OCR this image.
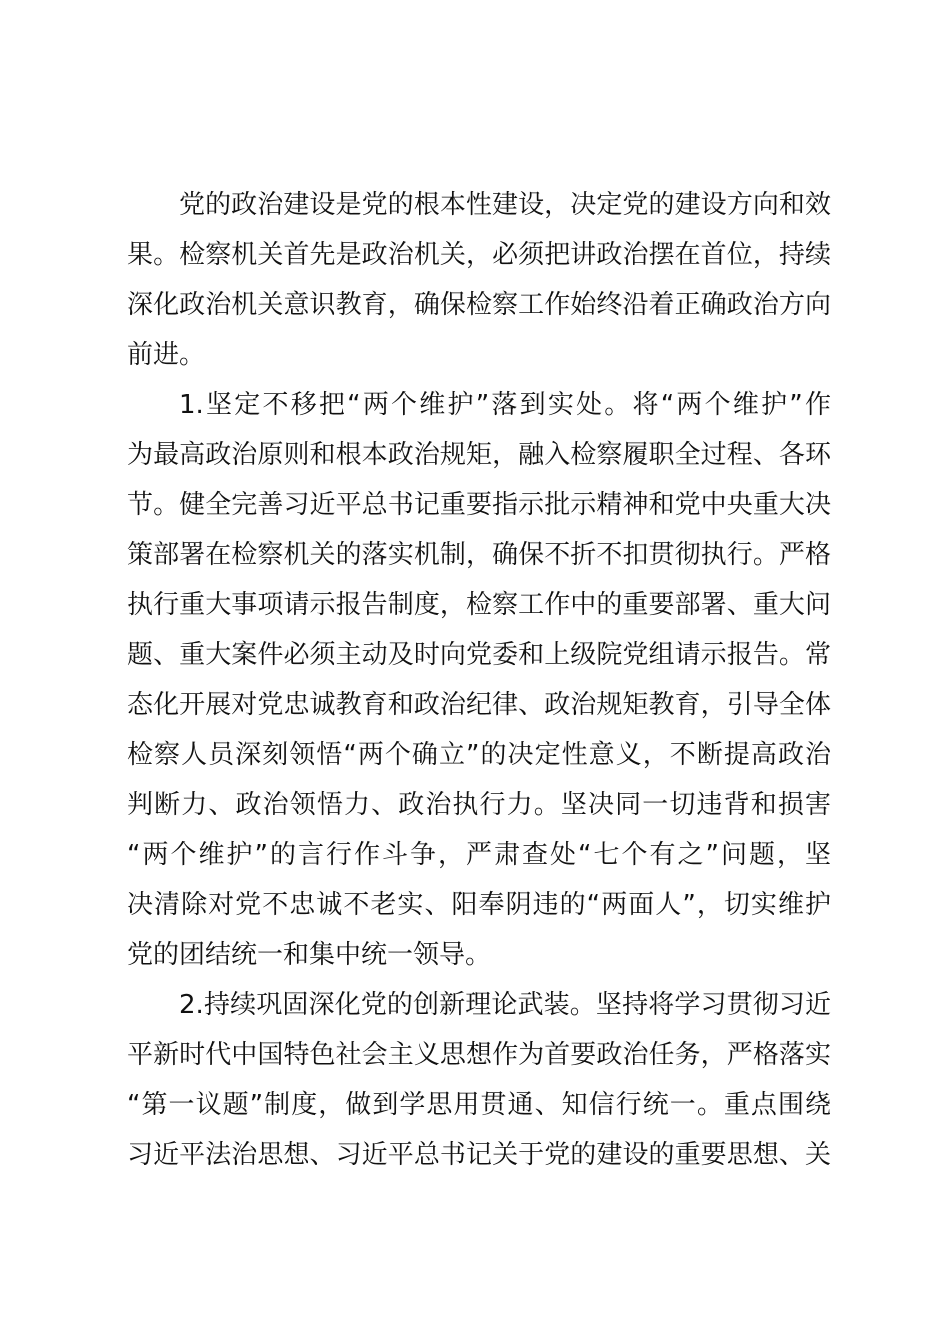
党的政治建设是党的根本性建设，决定党的建设方向和效
果。检察机关首先是政治机关，必须把讲政治摆在首位，持续
深化政治机关意识教育，确保检察工作始终沿着正确政治方向
前进。
1.坚定不移把“两个维护”落到实处。将“两个维护”作
为最高政治原则和根本政治规矩，融入检察履职全过程、各环
节。健全完善习近平总书记重要指示批示精神和党中央重大决
策部署在检察机关的落实机制，确保不折不扣贯彻执行。严格
执行重大事项请示报告制度，检察工作中的重要部署、重大问
题、重大案件必须主动及时向党委和上级院党组请示报告。常
态化开展对党忠诚教育和政治纪律、政治规矩教育，引导全体
检察人员深刻领悟“两个确立”的决定性意义，不断提高政治
判断力、政治领悟力、政治执行力。坚决同一切违背和损害
“两个维护”的言行作斗争，严肃查处“七个有之”问题，坚
决清除对党不忠诚不老实、阳奉阴违的“两面人”，切实维护
党的团结统一和集中统一领导。
2.持续巩固深化党的创新理论武装。坚持将学习贯彻习近
平新时代中国特色社会主义思想作为首要政治任务，严格落实
“第一议题”制度，做到学思用贯通、知信行统一。重点围绕
习近平法治思想、习近平总书记关于党的建设的重要思想、关
